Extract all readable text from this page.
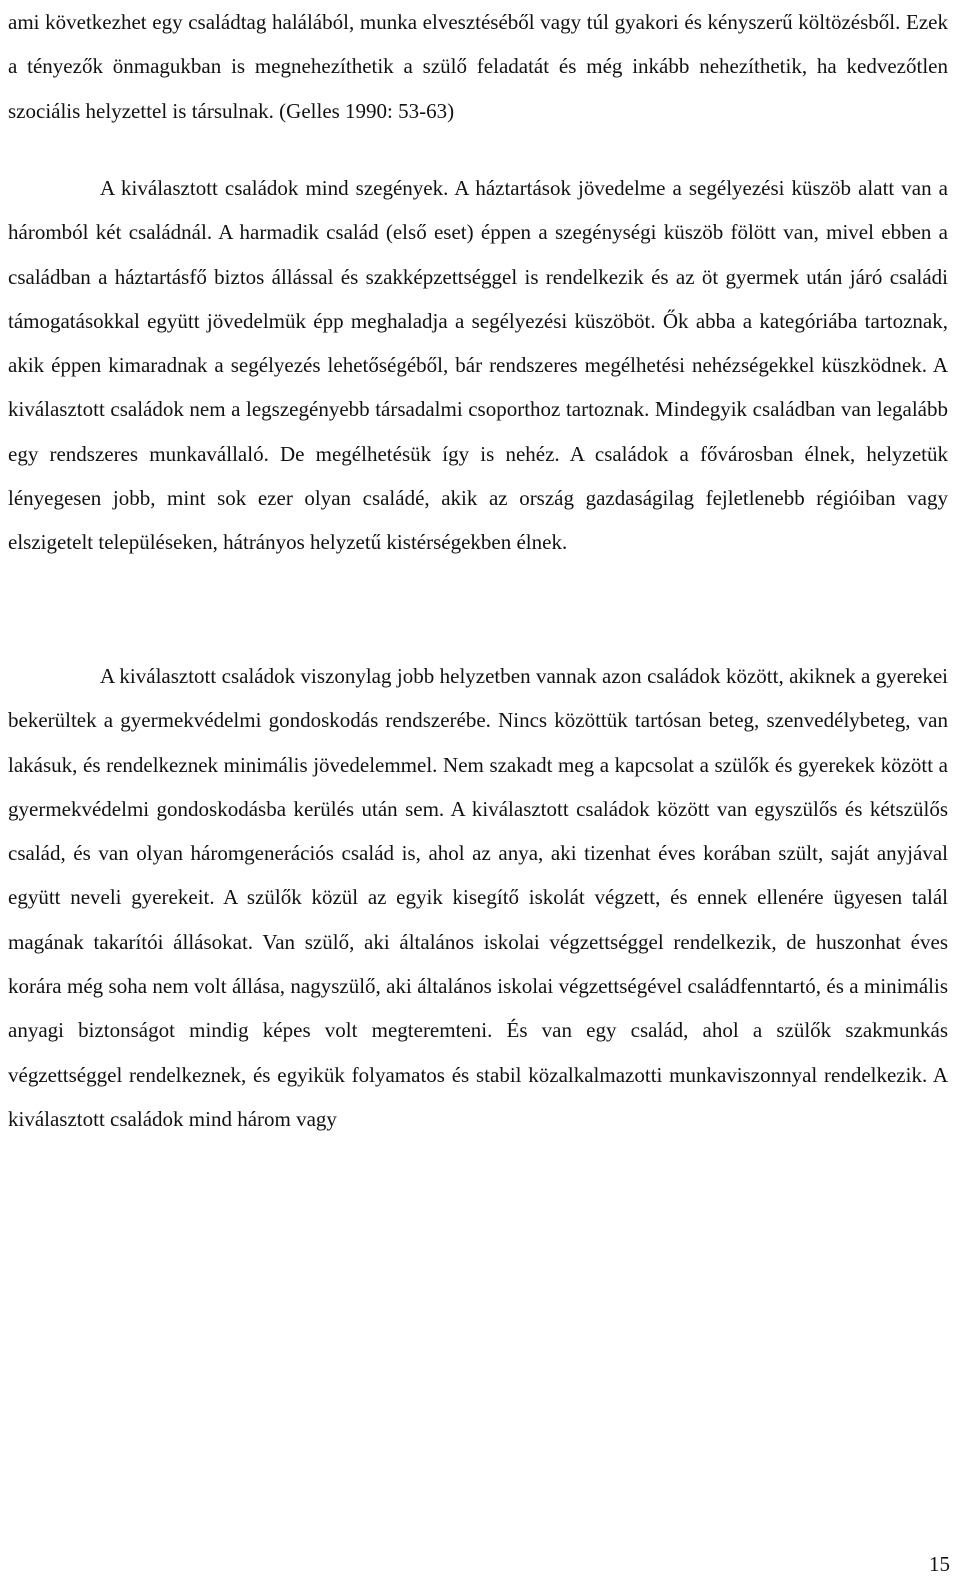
ami következhet egy családtag halálából, munka elvesztéséből vagy túl gyakori és kényszerű költözésből. Ezek a tényezők önmagukban is megnehezíthetik a szülő feladatát és még inkább nehezíthetik, ha kedvezőtlen szociális helyzettel is társulnak. (Gelles 1990: 53-63)

A kiválasztott családok mind szegények. A háztartások jövedelme a segélyezési küszöb alatt van a háromból két családnál. A harmadik család (első eset) éppen a szegénységi küszöb fölött van, mivel ebben a családban a háztartásfő biztos állással és szakképzettséggel is rendelkezik és az öt gyermek után járó családi támogatásokkal együtt jövedelmük épp meghaladja a segélyezési küszöböt. Ők abba a kategóriába tartoznak, akik éppen kimaradnak a segélyezés lehetőségéből, bár rendszeres megélhetési nehézségekkel küszködnek. A kiválasztott családok nem a legszegényebb társadalmi csoporthoz tartoznak. Mindegyik családban van legalább egy rendszeres munkavállaló. De megélhetésük így is nehéz. A családok a fővárosban élnek, helyzetük lényegesen jobb, mint sok ezer olyan családé, akik az ország gazdaságilag fejletlenebb régióiban vagy elszigetelt településeken, hátrányos helyzetű kistérségekben élnek.

A kiválasztott családok viszonylag jobb helyzetben vannak azon családok között, akiknek a gyerekei bekerültek a gyermekvédelmi gondoskodás rendszerébe. Nincs közöttük tartósan beteg, szenvedélybeteg, van lakásuk, és rendelkeznek minimális jövedelemmel. Nem szakadt meg a kapcsolat a szülők és gyerekek között a gyermekvédelmi gondoskodásba kerülés után sem. A kiválasztott családok között van egyszülős és kétszülős család, és van olyan háromgenerációs család is, ahol az anya, aki tizenhat éves korában szült, saját anyjával együtt neveli gyerekeit. A szülők közül az egyik kisegítő iskolát végzett, és ennek ellenére ügyesen talál magának takarítói állásokat. Van szülő, aki általános iskolai végzettséggel rendelkezik, de huszonhat éves korára még soha nem volt állása, nagyszülő, aki általános iskolai végzettségével családfenntartó, és a minimális anyagi biztonságot mindig képes volt megteremteni. És van egy család, ahol a szülők szakmunkás végzettséggel rendelkeznek, és egyikük folyamatos és stabil közalkalmazotti munkaviszonnyal rendelkezik. A kiválasztott családok mind három vagy

15
